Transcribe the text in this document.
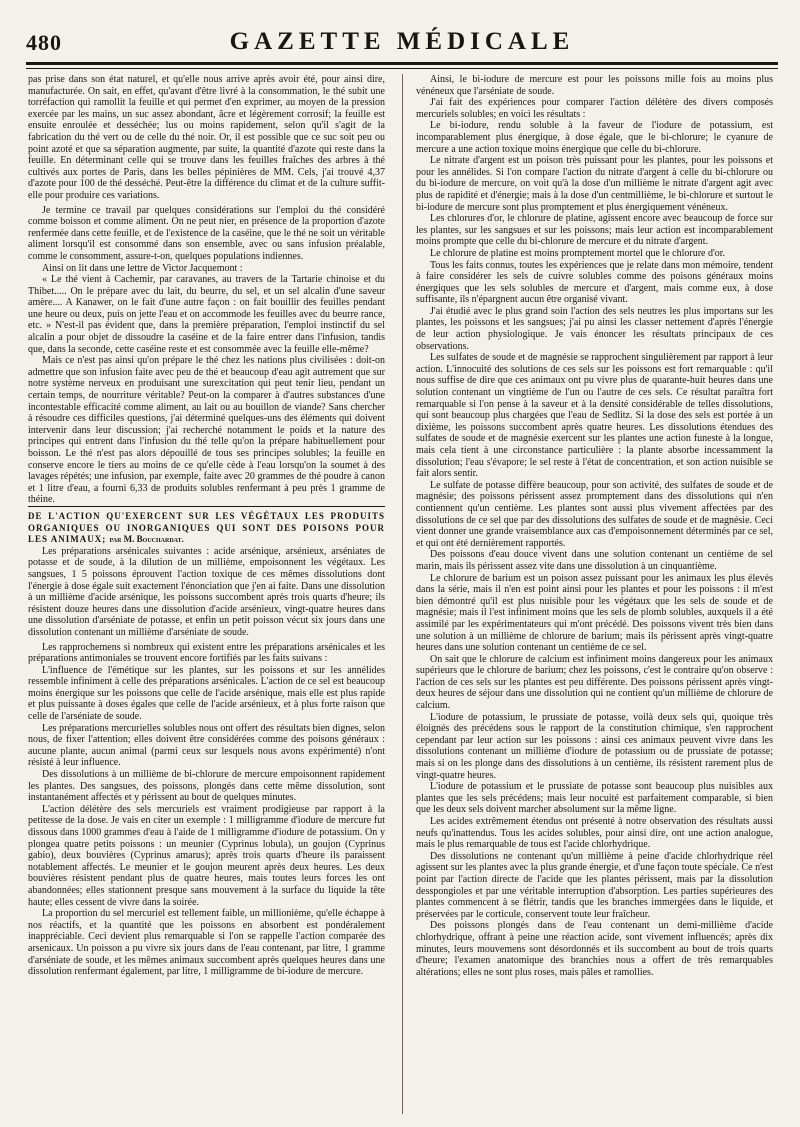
480	GAZETTE MÉDICALE

pas prise dans son état naturel, et qu'elle nous arrive après avoir été, pour ainsi dire, manufacturée. On sait, en effet, qu'avant d'être livré à la consommation, le thé subit une torréfaction qui ramollit la feuille et qui permet d'en exprimer, au moyen de la pression exercée par les mains, un suc assez abondant, âcre et légèrement corrosif; la feuille est ensuite enroulée et desséchée; lus ou moins rapidement, selon qu'il s'agit de la fabrication du thé vert ou de celle du thé noir. Or, il est possible que ce suc soit peu ou point azoté et que sa séparation augmente, par suite, la quantité d'azote qui reste dans la feuille. En déterminant celle qui se trouve dans les feuilles fraîches des arbres à thé cultivés aux portes de Paris, dans les belles pépinières de MM. Cels, j'ai trouvé 4,37 d'azote pour 100 de thé desséché. Peut-être la différence du climat et de la culture suffit-elle pour produire ces variations.

Je termine ce travail par quelques considérations sur l'emploi du thé considéré comme boisson et comme aliment. On ne peut nier, en présence de la proportion d'azote renfermée dans cette feuille, et de l'existence de la caséine, que le thé ne soit un véritable aliment lorsqu'il est consommé dans son ensemble, avec ou sans infusion préalable, comme le consomment, assure-t-on, quelques populations indiennes.

Ainsi on lit dans une lettre de Victor Jacquemont :

« Le thé vient à Cachemir, par caravanes, au travers de la Tartarie chinoise et du Thibet..... On le prépare avec du lait, du beurre, du sel, et un sel alcalin d'une saveur amère.... A Kanawer, on le fait d'une autre façon : on fait bouillir des feuilles pendant une heure ou deux, puis on jette l'eau et on accommode les feuilles avec du beurre rance, etc. » N'est-il pas évident que, dans la première préparation, l'emploi instinctif du sel alcalin a pour objet de dissoudre la caséine et de la faire entrer dans l'infusion, tandis que, dans la seconde, cette caséine reste et est consommée avec la feuille elle-même?

Mais ce n'est pas ainsi qu'on prépare le thé chez les nations plus civilisées : doit-on admettre que son infusion faite avec peu de thé et beaucoup d'eau agit autrement que sur notre système nerveux en produisant une surexcitation qui peut tenir lieu, pendant un certain temps, de nourriture véritable? Peut-on la comparer à d'autres substances d'une incontestable efficacité comme aliment, au lait ou au bouillon de viande? Sans chercher à résoudre ces difficiles questions, j'ai déterminé quelques-uns des éléments qui doivent intervenir dans leur discussion; j'ai recherché notamment le poids et la nature des principes qui entrent dans l'infusion du thé telle qu'on la prépare habituellement pour boisson. Le thé n'est pas alors dépouillé de tous ses principes solubles; la feuille en conserve encore le tiers au moins de ce qu'elle cède à l'eau lorsqu'on la soumet à des lavages répétés; une infusion, par exemple, faite avec 20 grammes de thé poudre à canon et 1 litre d'eau, a fourni 6,33 de produits solubles renfermant à peu près 1 gramme de théine.

DE L'ACTION QU'EXERCENT SUR LES VÉGÉTAUX LES PRODUITS ORGANIQUES OU INORGANIQUES QUI SONT DES POISONS POUR LES ANIMAUX; par M. Bouchardat.

Les préparations arsénicales suivantes : acide arsénique, arsénieux, arséniates de potasse et de soude, à la dilution de un millième, empoisonnent les végétaux. Les sangsues, 1 5 poissons éprouvent l'action toxique de ces mêmes dissolutions dont l'énergie à dose égale suit exactement l'énonciation que j'en ai faite. Dans une dissolution à un millième d'acide arsénique, les poissons succombent après trois quarts d'heure; ils résistent douze heures dans une dissolution d'acide arsénieux, vingt-quatre heures dans une dissolution d'arséniate de potasse, et enfin un petit poisson vécut six jours dans une dissolution contenant un millième d'arséniate de soude.

Les rapprochemens si nombreux qui existent entre les préparations arsénicales et les préparations antimoniales se trouvent encore fortifiés par les faits suivans :

L'influence de l'émétique sur les plantes, sur les poissons et sur les annélides ressemble infiniment à celle des préparations arsénicales. L'action de ce sel est beaucoup moins énergique sur les poissons que celle de l'acide arsénique, mais elle est plus rapide et plus puissante à doses égales que celle de l'acide arsénieux, et à plus forte raison que celle de l'arséniate de soude.

Les préparations mercurielles solubles nous ont offert des résultats bien dignes, selon nous, de fixer l'attention; elles doivent être considérées comme des poisons généraux : aucune plante, aucun animal (parmi ceux sur lesquels nous avons expérimenté) n'ont résisté à leur influence.

Des dissolutions à un millième de bi-chlorure de mercure empoisonnent rapidement les plantes. Des sangsues, des poissons, plongés dans cette même dissolution, sont instantanément affectés et y périssent au bout de quelques minutes.

L'action délétère des sels mercuriels est vraiment prodigieuse par rapport à la petitesse de la dose. Je vais en citer un exemple : 1 milligramme d'iodure de mercure fut dissous dans 1000 grammes d'eau à l'aide de 1 milligramme d'iodure de potassium. On y plongea quatre petits poissons : un meunier (Cyprinus lobula), un goujon (Cyprinus gabio), deux bouvières (Cyprinus amarus); après trois quarts d'heure ils paraissent notablement affectés. Le meunier et le goujon meurent après deux heures. Les deux bouvières résistent pendant plus de quatre heures, mais toutes leurs forces les ont abandonnées; elles stationnent presque sans mouvement à la surface du liquide la tête haute; elles cessent de vivre dans la soirée.

La proportion du sel mercuriel est tellement faible, un millionième, qu'elle échappe à nos réactifs, et la quantité que les poissons en absorbent est pondéralement inappréciable. Ceci devient plus remarquable si l'on se rappelle l'action comparée des arsenicaux. Un poisson a pu vivre six jours dans de l'eau contenant, par litre, 1 gramme d'arséniate de soude, et les mêmes animaux succombent après quelques heures dans une dissolution renfermant également, par litre, 1 milligramme de bi-iodure de mercure.

Ainsi, le bi-iodure de mercure est pour les poissons mille fois au moins plus vénéneux que l'arséniate de soude.

J'ai fait des expériences pour comparer l'action délétère des divers composés mercuriels solubles; en voici les résultats :

Le bi-iodure, rendu soluble à la faveur de l'iodure de potassium, est incomparablement plus énergique, à dose égale, que le bi-chlorure; le cyanure de mercure a une action toxique moins énergique que celle du bi-chlorure.

Le nitrate d'argent est un poison très puissant pour les plantes, pour les poissons et pour les annélides. Si l'on compare l'action du nitrate d'argent à celle du bi-chlorure ou du bi-iodure de mercure, on voit qu'à la dose d'un millième le nitrate d'argent agit avec plus de rapidité et d'énergie; mais à la dose d'un centmillième, le bi-chlorure et surtout le bi-iodure de mercure sont plus promptement et plus énergiquement vénéneux.

Les chlorures d'or, le chlorure de platine, agissent encore avec beaucoup de force sur les plantes, sur les sangsues et sur les poissons; mais leur action est incomparablement moins prompte que celle du bi-chlorure de mercure et du nitrate d'argent.

Le chlorure de platine est moins promptement mortel que le chlorure d'or.

Tous les faits connus, toutes les expériences que je relate dans mon mémoire, tendent à faire considérer les sels de cuivre solubles comme des poisons généraux moins énergiques que les sels solubles de mercure et d'argent, mais comme eux, à dose suffisante, ils n'épargnent aucun être organisé vivant.

J'ai étudié avec le plus grand soin l'action des sels neutres les plus importans sur les plantes, les poissons et les sangsues; j'ai pu ainsi les classer nettement d'après l'énergie de leur action physiologique. Je vais énoncer les résultats principaux de ces observations.

Les sulfates de soude et de magnésie se rapprochent singulièrement par rapport à leur action. L'innocuité des solutions de ces sels sur les poissons est fort remarquable : qu'il nous suffise de dire que ces animaux ont pu vivre plus de quarante-huit heures dans une solution contenant un vingtième de l'un ou l'autre de ces sels. Ce résultat paraîtra fort remarquable si l'on pense à la saveur et à la densité considérable de telles dissolutions, qui sont beaucoup plus chargées que l'eau de Sedlitz. Si la dose des sels est portée à un dixième, les poissons succombent après quatre heures. Les dissolutions étendues des sulfates de soude et de magnésie exercent sur les plantes une action funeste à la longue, mais cela tient à une circonstance particulière : la plante absorbe incessamment la dissolution; l'eau s'évapore; le sel reste à l'état de concentration, et son action nuisible se fait alors sentir.

Le sulfate de potasse diffère beaucoup, pour son activité, des sulfates de soude et de magnésie; des poissons périssent assez promptement dans des dissolutions qui n'en contiennent qu'un centième. Les plantes sont aussi plus vivement affectées par des dissolutions de ce sel que par des dissolutions des sulfates de soude et de magnésie. Ceci vient donner une grande vraisemblance aux cas d'empoisonnement déterminés par ce sel, et qui ont été dernièrement rapportés.

Des poissons d'eau douce vivent dans une solution contenant un centième de sel marin, mais ils périssent assez vite dans une dissolution à un cinquantième.

Le chlorure de barium est un poison assez puissant pour les animaux les plus élevés dans la série, mais il n'en est point ainsi pour les plantes et pour les poissons : il m'est bien démontré qu'il est plus nuisible pour les végétaux que les sels de soude et de magnésie; mais il l'est infiniment moins que les sels de plomb solubles, auxquels il a été assimilé par les expérimentateurs qui m'ont précédé. Des poissons vivent très bien dans une solution à un millième de chlorure de barium; mais ils périssent après vingt-quatre heures dans une solution contenant un centième de ce sel.

On sait que le chlorure de calcium est infiniment moins dangereux pour les animaux supérieurs que le chlorure de barium; chez les poissons, c'est le contraire qu'on observe : l'action de ces sels sur les plantes est peu différente. Des poissons périssent après vingt-deux heures de séjour dans une dissolution qui ne contient qu'un millième de chlorure de calcium.

L'iodure de potassium, le prussiate de potasse, voilà deux sels qui, quoique très éloignés des précédens sous le rapport de la constitution chimique, s'en rapprochent cependant par leur action sur les poissons : ainsi ces animaux peuvent vivre dans les dissolutions contenant un millième d'iodure de potassium ou de prussiate de potasse; mais si on les plonge dans des dissolutions à un centième, ils résistent rarement plus de vingt-quatre heures.

L'iodure de potassium et le prussiate de potasse sont beaucoup plus nuisibles aux plantes que les sels précédens; mais leur nocuité est parfaitement comparable, si bien que les deux sels doivent marcher absolument sur la même ligne.

Les acides extrêmement étendus ont présenté à notre observation des résultats aussi neufs qu'inattendus. Tous les acides solubles, pour ainsi dire, ont une action analogue, mais le plus remarquable de tous est l'acide chlorhydrique.

Des dissolutions ne contenant qu'un millième à peine d'acide chlorhydrique réel agissent sur les plantes avec la plus grande énergie, et d'une façon toute spéciale. Ce n'est point par l'action directe de l'acide que les plantes périssent, mais par la dissolution desspongioles et par une véritable interruption d'absorption. Les parties supérieures des plantes commencent à se flétrir, tandis que les branches immergées dans le liquide, et préservées par le corticule, conservent toute leur fraîcheur.

Des poissons plongés dans de l'eau contenant un demi-millième d'acide chlorhydrique, offrant à peine une réaction acide, sont vivement influencés; après dix minutes, leurs mouvemens sont désordonnés et ils succombent au bout de trois quarts d'heure; l'examen anatomique des branchies nous a offert de très remarquables altérations; elles ne sont plus roses, mais pâles et ramollies.
